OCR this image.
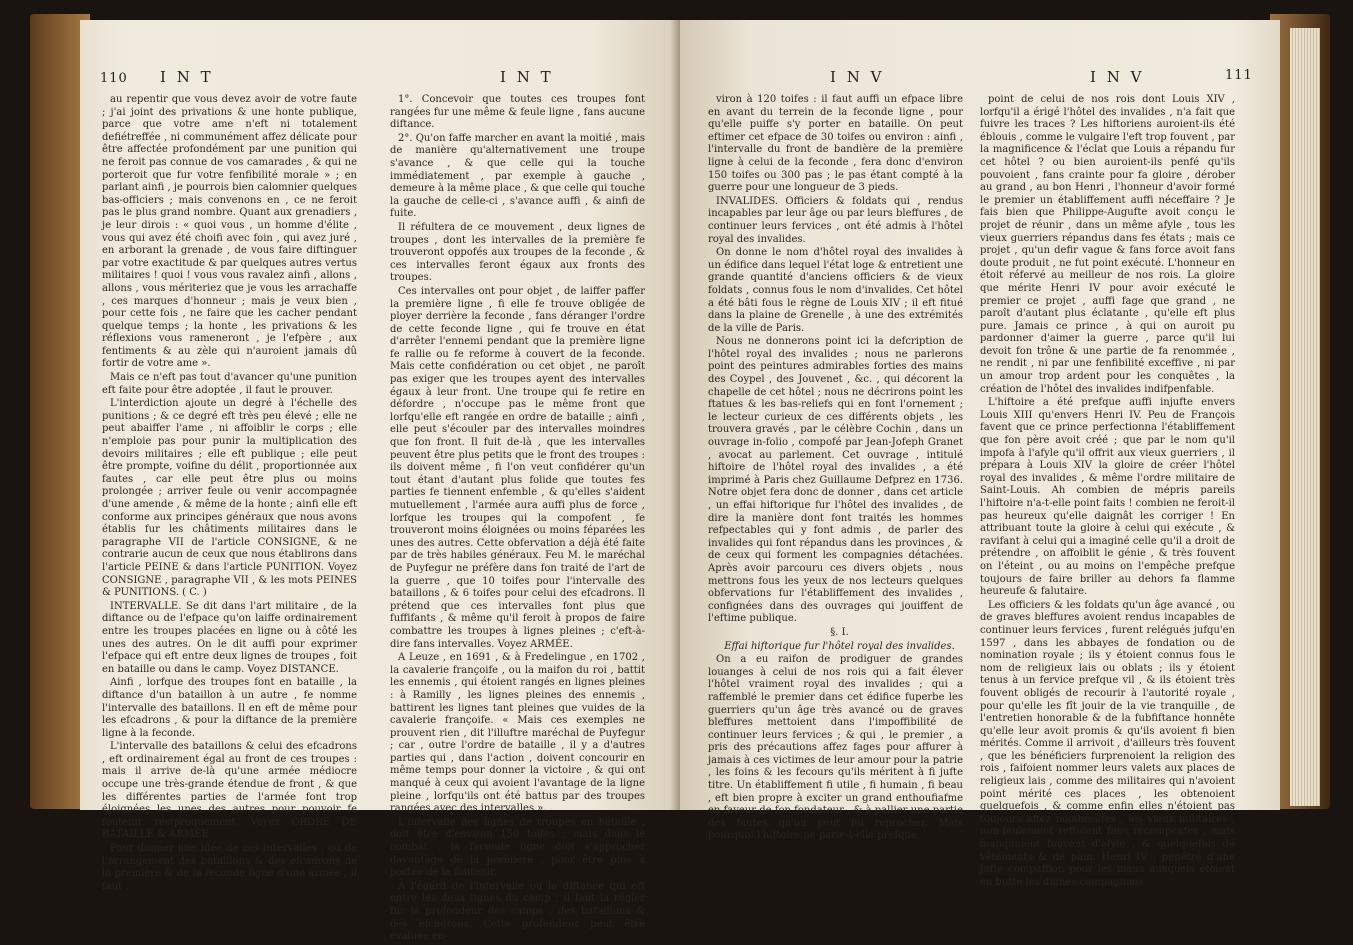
110 I N T	I N T

au repentir que vous devez avoir de votre faute ; j'ai joint des privations & une honte publique, parce que votre ame n'eft ni totalement defiétreffée , ni communément affez délicate pour être affectée profondément par une punition qui ne feroit pas connue de vos camarades , & qui ne porteroit que fur votre fenfibilité morale » ; en parlant ainfi , je pourrois bien calomnier quelques bas-officiers ; mais convenons en , ce ne feroit pas le plus grand nombre. Quant aux grenadiers , je leur dirois : « quoi vous , un homme d'élite , vous qui avez été choifi avec foin , qui avez juré , en arborant la grenade , de vous faire diftinguer par votre exactitude & par quelques autres vertus militaires ! quoi ! vous vous ravalez ainfi , allons , allons , vous mériteriez que je vous les arrachaffe , ces marques d'honneur ; mais je veux bien , pour cette fois , ne faire que les cacher pendant quelque temps ; la honte , les privations & les réflexions vous rameneront , je l'efpère , aux fentiments & au zèle qui n'auroient jamais dû fortir de votre ame ».

Mais ce n'eft pas tout d'avancer qu'une punition eft faite pour être adoptée , il faut le prouver.

L'interdiction ajoute un degré à l'échelle des punitions ; & ce degré eft très peu élevé ; elle ne peut abaiffer l'ame , ni affoiblir le corps ; elle n'emploie pas pour punir la multiplication des devoirs militaires ; elle eft publique ; elle peut être prompte, voifine du délit , proportionnée aux fautes , car elle peut être plus ou moins prolongée ; arriver feule ou venir accompagnée d'une amende , & même de la honte ; ainfi elle eft conforme aux principes généraux que nous avons établis fur les châtiments militaires dans le paragraphe VII de l'article CONSIGNE, & ne contrarie aucun de ceux que nous établirons dans l'article PEINE & dans l'article PUNITION. Voyez CONSIGNE , paragraphe VII , & les mots PEINES & PUNITIONS. ( C. )

INTERVALLE. Se dit dans l'art militaire , de la diftance ou de l'efpace qu'on laiffe ordinairement entre les troupes placées en ligne ou à côté les unes des autres. On le dit auffi pour exprimer l'efpace qui eft entre deux lignes de troupes , foit en bataille ou dans le camp. Voyez DISTANCE.

Ainfi , lorfque des troupes font en bataille , la diftance d'un bataillon à un autre , fe nomme l'intervalle des bataillons. Il en eft de même pour les efcadrons , & pour la diftance de la première ligne à la feconde.

L'intervalle des bataillons & celui des efcadrons , eft ordinairement égal au front de ces troupes : mais il arrive de-là qu'une armée médiocre occupe une très-grande étendue de front , & que les différentes parties de l'armée font trop éloignées les unes des autres pour pouvoir fe foutenir réciproquement. Voyez ORDRE DE BATAILLE & ARMÉE.

Pour donner une idée de ces intervalles , ou de l'arrangement des bataillons & des efcadrons de la première & de la feconde ligne d'une armée , il faut ,

1°. Concevoir que toutes ces troupes font rangées fur une même & feule ligne , fans aucune diftance.

2°. Qu'on faffe marcher en avant la moitié , mais de manière qu'alternativement une troupe s'avance , & que celle qui la touche immédiatement , par exemple à gauche , demeure à la même place , & que celle qui touche la gauche de celle-ci , s'avance auffi , & ainfi de fuite.

Il réfultera de ce mouvement , deux lignes de troupes , dont les intervalles de la première fe trouveront oppofés aux troupes de la feconde , & ces intervalles feront égaux aux fronts des troupes.

Ces intervalles ont pour objet , de laiffer paffer la première ligne , fi elle fe trouve obligée de ployer derrière la feconde , fans déranger l'ordre de cette feconde ligne , qui fe trouve en état d'arrêter l'ennemi pendant que la première ligne fe rallie ou fe reforme à couvert de la feconde. Mais cette confidération ou cet objet , ne paroît pas exiger que les troupes ayent des intervalles égaux à leur front. Une troupe qui fe retire en défordre , n'occupe pas le même front que lorfqu'elle eft rangée en ordre de bataille ; ainfi , elle peut s'écouler par des intervalles moindres que fon front. Il fuit de-là , que les intervalles peuvent être plus petits que le front des troupes : ils doivent même , fi l'on veut confidérer qu'un tout étant d'autant plus folide que toutes fes parties fe tiennent enfemble , & qu'elles s'aident mutuellement , l'armée aura auffi plus de force , lorfque les troupes qui la compofent , fe trouveront moins éloignées ou moins féparées les unes des autres. Cette obfervation a déjà été faite par de très habiles généraux. Feu M. le maréchal de Puyfegur ne préfère dans fon traité de l'art de la guerre , que 10 toifes pour l'intervalle des bataillons , & 6 toifes pour celui des efcadrons. Il prétend que ces intervalles font plus que fuffifants , & même qu'il feroit à propos de faire combattre les troupes à lignes pleines ; c'eft-à-dire fans intervalles. Voyez ARMÉE.

A Leuze , en 1691 , & à Fredelingue , en 1702 , la cavalerie françoife , ou la maifon du roi , battit les ennemis , qui étoient rangés en lignes pleines : à Ramilly , les lignes pleines des ennemis , battirent les lignes tant pleines que vuides de la cavalerie françoife. « Mais ces exemples ne prouvent rien , dit l'illuftre maréchal de Puyfegur ; car , outre l'ordre de bataille , il y a d'autres parties qui , dans l'action , doivent concourir en même temps pour donner la victoire , & qui ont manqué à ceux qui avoient l'avantage de la ligne pleine , lorfqu'ils ont été battus par des troupes rangées avec des intervalles ».

L'intervalle des lignes de troupes en bataille , doit être d'environ 150 toifes ; mais dans le combat , la feconde ligne doit s'approcher davantage de la première , pour être plus à portée de la foutenir.

A l'égard de l'intervalle ou la diftance qui eft entre les deux lignes du camp , il faut la régler fur la profondeur des camps , des bataillons & des efcadrons. Cette profondeur peut être évaluée en-

I N V	I N V	111

viron à 120 toifes : il faut auffi un efpace libre en avant du terrein de la feconde ligne , pour qu'elle puiffe s'y porter en bataille. On peut eftimer cet efpace de 30 toifes ou environ : ainfi , l'intervalle du front de bandière de la première ligne à celui de la feconde , fera donc d'environ 150 toifes ou 300 pas ; le pas étant compté à la guerre pour une longueur de 3 pieds.

INVALIDES. Officiers & foldats qui , rendus incapables par leur âge ou par leurs bleffures , de continuer leurs fervices , ont été admis à l'hôtel royal des invalides.

On donne le nom d'hôtel royal des invalides à un édifice dans lequel l'état loge & entretient une grande quantité d'anciens officiers & de vieux foldats , connus fous le nom d'invalides. Cet hôtel a été bâti fous le règne de Louis XIV ; il eft fitué dans la plaine de Grenelle , à une des extrémités de la ville de Paris.

Nous ne donnerons point ici la defcription de l'hôtel royal des invalides ; nous ne parlerons point des peintures admirables forties des mains des Coypel , des Jouvenet , &c. , qui décorent la chapelle de cet hôtel ; nous ne décrirons point les ftatues & les bas-reliefs qui en font l'ornement ; le lecteur curieux de ces différents objets , les trouvera gravés , par le célèbre Cochin , dans un ouvrage in-folio , compofé par Jean-Jofeph Granet , avocat au parlement. Cet ouvrage , intitulé hiftoire de l'hôtel royal des invalides , a été imprimé à Paris chez Guillaume Defprez en 1736. Notre objet fera donc de donner , dans cet article , un effai hiftorique fur l'hôtel des invalides , de dire la manière dont font traités les hommes refpectables qui y font admis , de parler des invalides qui font répandus dans les provinces , & de ceux qui forment les compagnies détachées. Après avoir parcouru ces divers objets , nous mettrons fous les yeux de nos lecteurs quelques obfervations fur l'établiffement des invalides , confignées dans des ouvrages qui jouiffent de l'eftime publique.

§. I.

Effai hiftorique fur l'hôtel royal des invalides.

On a eu raifon de prodiguer de grandes louanges à celui de nos rois qui a fait élever l'hôtel vraiment royal des invalides ; qui a raffemblé le premier dans cet édifice fuperbe les guerriers qu'un âge très avancé ou de graves bleffures mettoient dans l'impoffibilité de continuer leurs fervices ; & qui , le premier , a pris des précautions affez fages pour affurer à jamais à ces victimes de leur amour pour la patrie , les foins & les fecours qu'ils méritent à fi jufte titre. Un établiffement fi utile , fi humain , fi beau , eft bien propre à exciter un grand enthoufiafme en faveur de fon fondateur , & à pallier une partie des fautes qu'on peut lui reprocher. Mais pourquoi l'hiftoire ne parle-t-elle prefque

point de celui de nos rois dont Louis XIV , lorfqu'il a érigé l'hôtel des invalides , n'a fait que fuivre les traces ? Les hiftoriens auroient-ils été éblouis , comme le vulgaire l'eft trop fouvent , par la magnificence & l'éclat que Louis a répandu fur cet hôtel ? ou bien auroient-ils penfé qu'ils pouvoient , fans crainte pour fa gloire , dérober au grand , au bon Henri , l'honneur d'avoir formé le premier un établiffement auffi néceffaire ? Je fais bien que Philippe-Augufte avoit conçu le projet de réunir , dans un même afyle , tous les vieux guerriers répandus dans fes états ; mais ce projet , qu'un defir vague & fans force avoit fans doute produit , ne fut point exécuté. L'honneur en étoit réfervé au meilleur de nos rois. La gloire que mérite Henri IV pour avoir exécuté le premier ce projet , auffi fage que grand , ne paroît d'autant plus éclatante , qu'elle eft plus pure. Jamais ce prince , à qui on auroit pu pardonner d'aimer la guerre , parce qu'il lui devoit fon trône & une partie de fa renommée , ne rendit , ni par une fenfibilité exceffive , ni par un amour trop ardent pour les conquêtes , la création de l'hôtel des invalides indifpenfable.

L'hiftoire a été prefque auffi injufte envers Louis XIII qu'envers Henri IV. Peu de François favent que ce prince perfectionna l'établiffement que fon père avoit créé ; que par le nom qu'il impofa à l'afyle qu'il offrit aux vieux guerriers , il prépara à Louis XIV la gloire de créer l'hôtel royal des invalides , & même l'ordre militaire de Saint-Louis. Ah combien de mépris pareils l'hiftoire n'a-t-elle point faits ! combien ne feroit-il pas heureux qu'elle daignât les corriger ! En attribuant toute la gloire à celui qui exécute , & ravifant à celui qui a imaginé celle qu'il a droit de prétendre , on affoiblit le génie , & très fouvent on l'éteint , ou au moins on l'empêche prefque toujours de faire briller au dehors fa flamme heureufe & falutaire.

Les officiers & les foldats qu'un âge avancé , ou de graves bleffures avoient rendus incapables de continuer leurs fervices , furent relégués jufqu'en 1597 , dans les abbayes de fondation ou de nomination royale ; ils y étoient connus fous le nom de religieux lais ou oblats ; ils y étoient tenus à un fervice prefque vil , & ils étoient très fouvent obligés de recourir à l'autorité royale , pour qu'elle les fît jouir de la vie tranquille , de l'entretien honorable & de la fubfiftance honnête qu'elle leur avoit promis & qu'ils avoient fi bien mérités. Comme il arrivoit , d'ailleurs très fouvent , que les bénéficiers furprenoient la religion des rois , faifoient nommer leurs valets aux places de religieux lais , comme des militaires qui n'avoient point mérité ces places , les obtenoient quelquefois , & comme enfin elles n'étoient pas toujours affez nombreufes , les vieux militaires , non-feulement reftoient fans récompenfes , mais manquoient fouvent d'afyle , & quelquefois de vêtements & de pain. Henri IV , pénétré d'une jufte compaffion pour les maux auxquels étoient en butte les dignes compagnons
